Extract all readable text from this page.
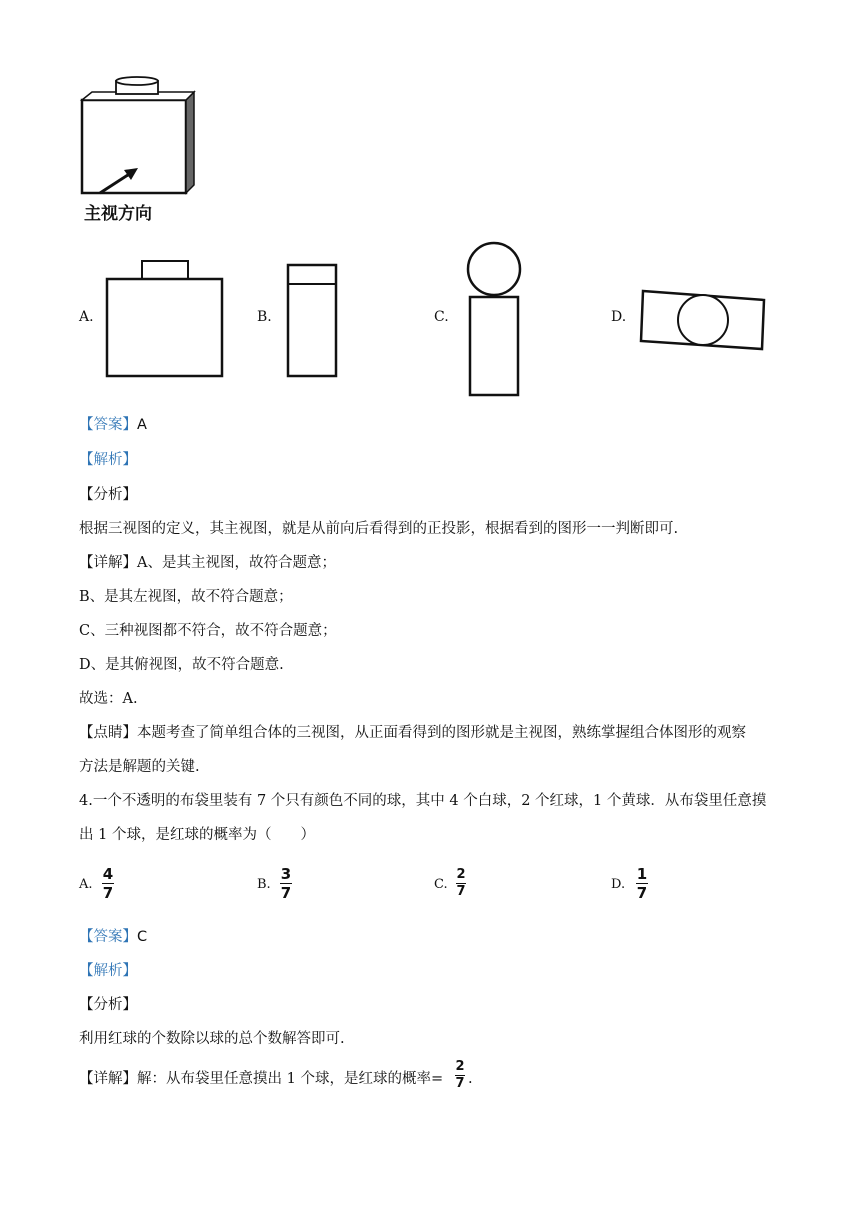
主视方向
A.	B.	C.	D.
【答案】A
【解析】
【分析】
根据三视图的定义，其主视图，就是从前向后看得到的正投影，根据看到的图形一一判断即可.
【详解】A、是其主视图，故符合题意；
B、是其左视图，故不符合题意；
C、三种视图都不符合，故不符合题意；
D、是其俯视图，故不符合题意.
故选：A.
【点睛】本题考查了简单组合体的三视图，从正面看得到的图形就是主视图，熟练掌握组合体图形的观察
方法是解题的关键.
4.一个不透明的布袋里装有 7 个只有颜色不同的球，其中 4 个白球，2 个红球，1 个黄球．从布袋里任意摸
出 1 个球，是红球的概率为（　　）
A.
4
7	B.
3
7	C.
2
7	D.
1
7
【答案】C
【解析】
【分析】
利用红球的个数除以球的总个数解答即可.
【详解】解：从布袋里任意摸出 1 个球，是红球的概率=
2
7 .
